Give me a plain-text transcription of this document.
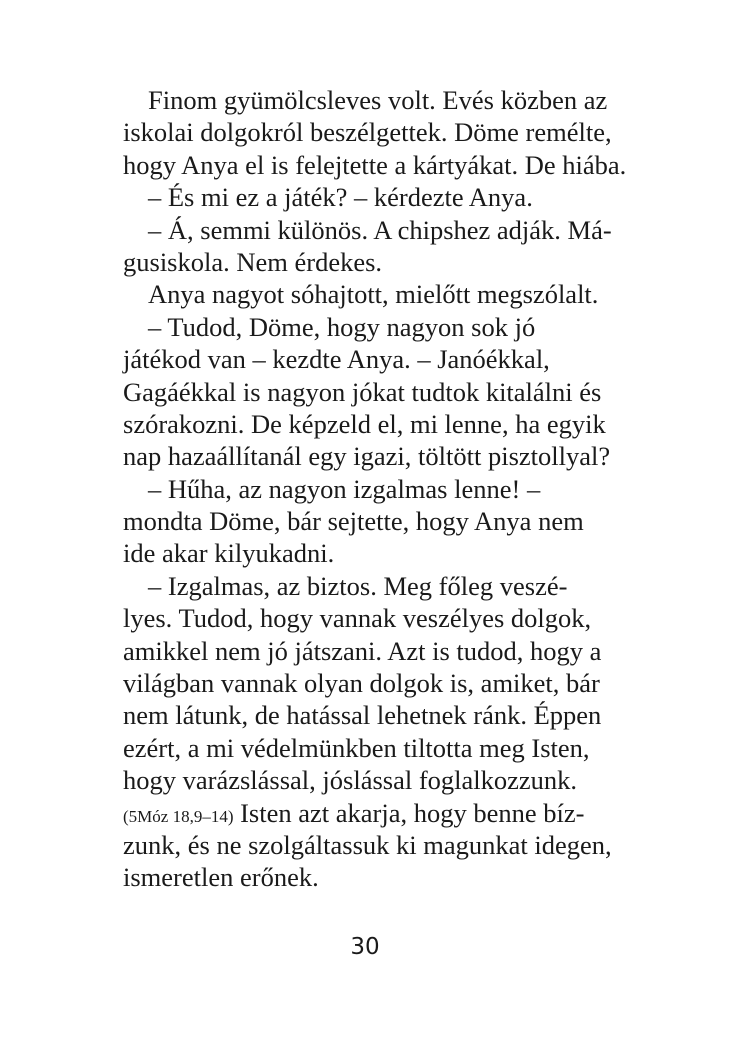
Finom gyümölcsleves volt. Evés közben az
iskolai dolgokról beszélgettek. Döme remélte,
hogy Anya el is felejtette a kártyákat. De hiába.
– És mi ez a játék? – kérdezte Anya.
– Á, semmi különös. A chipshez adják. Má-
gusiskola. Nem érdekes.
Anya nagyot sóhajtott, mielőtt megszólalt.
– Tudod, Döme, hogy nagyon sok jó
játékod van – kezdte Anya. – Janóékkal,
Gagáékkal is nagyon jókat tudtok kitalálni és
szórakozni. De képzeld el, mi lenne, ha egyik
nap hazaállítanál egy igazi, töltött pisztollyal?
– Hűha, az nagyon izgalmas lenne! –
mondta Döme, bár sejtette, hogy Anya nem
ide akar kilyukadni.
– Izgalmas, az biztos. Meg főleg veszé-
lyes. Tudod, hogy vannak veszélyes dolgok,
amikkel nem jó játszani. Azt is tudod, hogy a
világban vannak olyan dolgok is, amiket, bár
nem látunk, de hatással lehetnek ránk. Éppen
ezért, a mi védelmünkben tiltotta meg Isten,
hogy varázslással, jóslással foglalkozzunk.
(5Móz 18,9–14) Isten azt akarja, hogy benne bíz-
zunk, és ne szolgáltassuk ki magunkat idegen,
ismeretlen erőnek.
30
